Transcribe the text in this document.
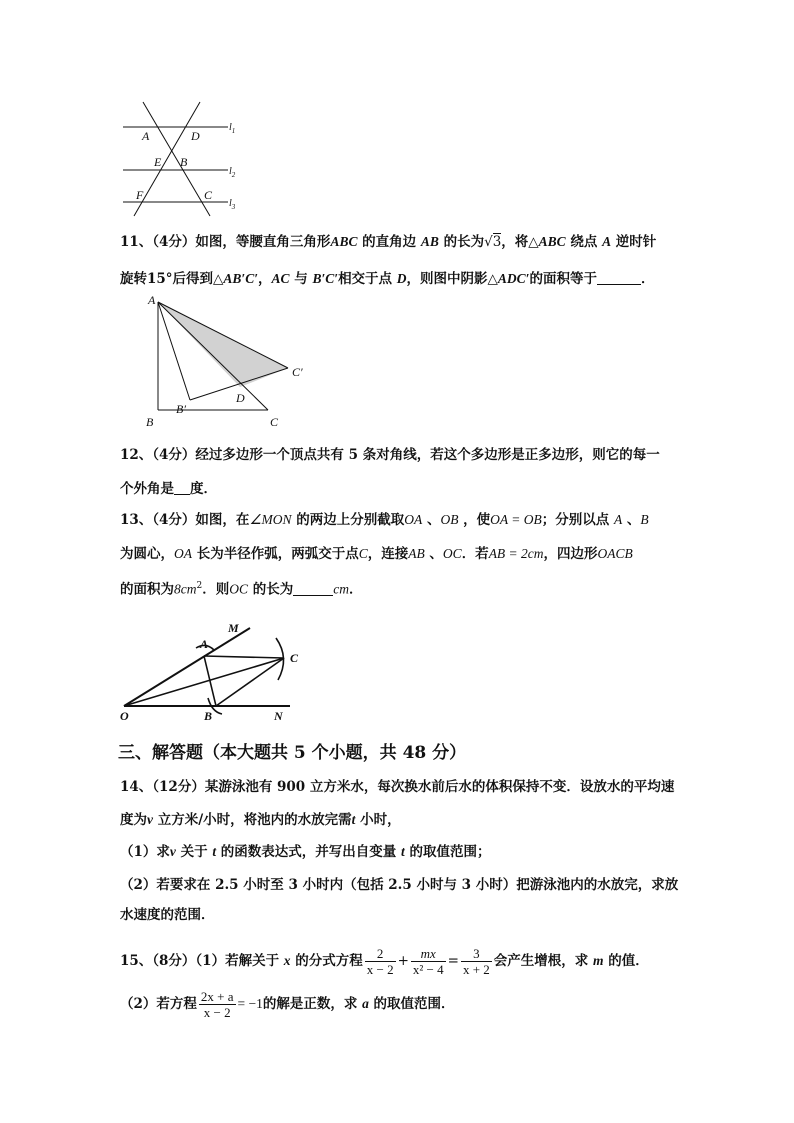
A	D
E B
F	C
$l_1$
$l_2$
$l_3$
11、（4分）如图，等腰直角三角形ABC 的直角边 AB 的长为√3，将△ABC 绕点 A 逆时针
旋转15°后得到△AB′C′，AC 与 B′C′相交于点 D，则图中阴影△ADC′的面积等于	．
A
B
B′
D
C
C′
12、（4分）经过多边形一个顶点共有 5 条对角线，若这个多边形是正多边形，则它的每一
个外角是 度．
13、（4分）如图，在∠MON 的两边上分别截取OA 、OB ，使OA = OB；分别以点 A 、B
为圆心，OA 长为半径作弧，两弧交于点C，连接AB 、OC．若AB = 2cm，四边形OACB
的面积为$8cm^2$．则OC 的长为	cm．
M
A
C
O	B	N
三、解答题（本大题共 5 个小题，共 48 分）
14、（12分）某游泳池有 900 立方米水，每次换水前后水的体积保持不变．设放水的平均速
度为v 立方米/小时，将池内的水放完需t 小时，
（1）求v 关于 t 的函数表达式，并写出自变量 t 的取值范围；
（2）若要求在 2.5 小时至 3 小时内（包括 2.5 小时与 3 小时）把游泳池内的水放完，求放
水速度的范围．
15、（8分）（1）若解关于 x 的分式方程 $\frac{2}{x - 2} + \frac{mx}{\text{x² − 4}} = \frac{3}{x + 2}$ 会产生增根，求 m 的值．
（2）若方程 $\frac{2x + a}{x - 2} = -1$的解是正数，求 a 的取值范围．
